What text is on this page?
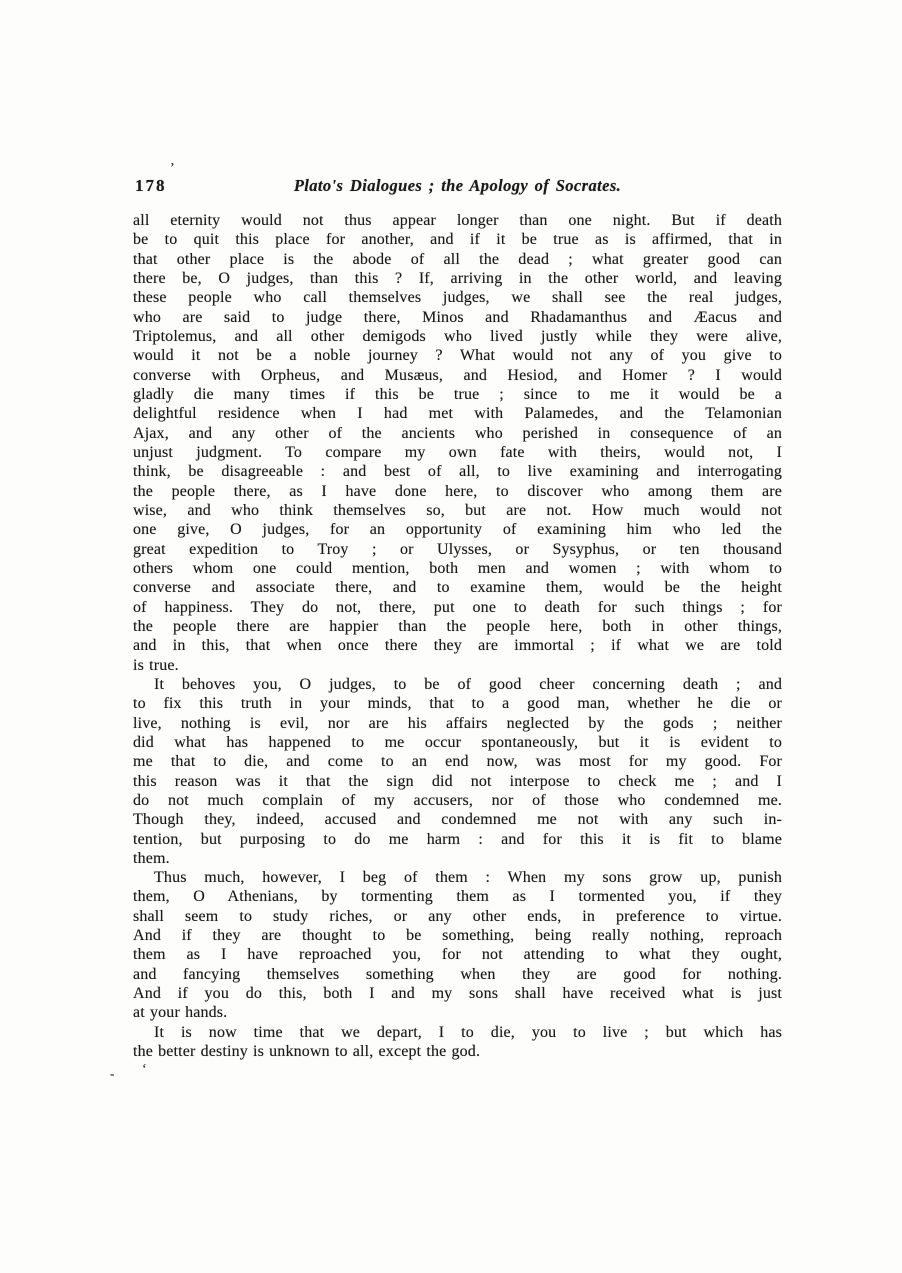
’
178	Plato's Dialogues ; the Apology of Socrates.
all eternity would not thus appear longer than one night. But if death
be to quit this place for another, and if it be true as is affirmed, that in
that other place is the abode of all the dead ; what greater good can
there be, O judges, than this ? If, arriving in the other world, and leaving
these people who call themselves judges, we shall see the real judges,
who are said to judge there, Minos and Rhadamanthus and Æacus and
Triptolemus, and all other demigods who lived justly while they were alive,
would it not be a noble journey ? What would not any of you give to
converse with Orpheus, and Musæus, and Hesiod, and Homer ? I would
gladly die many times if this be true ; since to me it would be a
delightful residence when I had met with Palamedes, and the Telamonian
Ajax, and any other of the ancients who perished in consequence of an
unjust judgment. To compare my own fate with theirs, would not, I
think, be disagreeable : and best of all, to live examining and interrogating
the people there, as I have done here, to discover who among them are
wise, and who think themselves so, but are not. How much would not
one give, O judges, for an opportunity of examining him who led the
great expedition to Troy ; or Ulysses, or Sysyphus, or ten thousand
others whom one could mention, both men and women ; with whom to
converse and associate there, and to examine them, would be the height
of happiness. They do not, there, put one to death for such things ; for
the people there are happier than the people here, both in other things,
and in this, that when once there they are immortal ; if what we are told
is true.
It behoves you, O judges, to be of good cheer concerning death ; and
to fix this truth in your minds, that to a good man, whether he die or
live, nothing is evil, nor are his affairs neglected by the gods ; neither
did what has happened to me occur spontaneously, but it is evident to
me that to die, and come to an end now, was most for my good. For
this reason was it that the sign did not interpose to check me ; and I
do not much complain of my accusers, nor of those who condemned me.
Though they, indeed, accused and condemned me not with any such in-
tention, but purposing to do me harm : and for this it is fit to blame
them.
Thus much, however, I beg of them : When my sons grow up, punish
them, O Athenians, by tormenting them as I tormented you, if they
shall seem to study riches, or any other ends, in preference to virtue.
And if they are thought to be something, being really nothing, reproach
them as I have reproached you, for not attending to what they ought,
and fancying themselves something when they are good for nothing.
And if you do this, both I and my sons shall have received what is just
at your hands.
It is now time that we depart, I to die, you to live ; but which has
the better destiny is unknown to all, except the god.
- ‘
